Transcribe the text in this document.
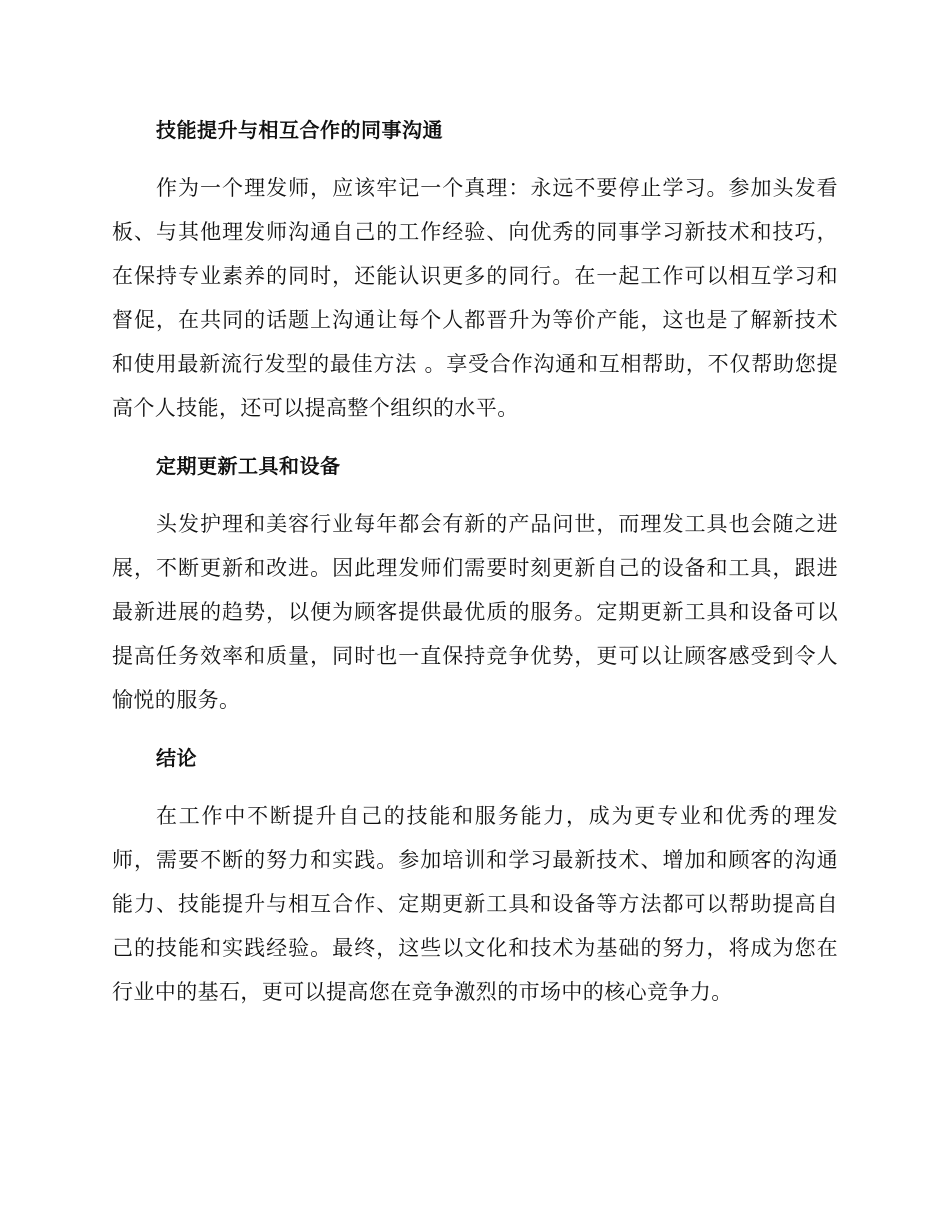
技能提升与相互合作的同事沟通

作为一个理发师，应该牢记一个真理：永远不要停止学习。参加头发看板、与其他理发师沟通自己的工作经验、向优秀的同事学习新技术和技巧，在保持专业素养的同时，还能认识更多的同行。在一起工作可以相互学习和督促，在共同的话题上沟通让每个人都晋升为等价产能，这也是了解新技术和使用最新流行发型的最佳方法 。享受合作沟通和互相帮助，不仅帮助您提高个人技能，还可以提高整个组织的水平。

定期更新工具和设备

头发护理和美容行业每年都会有新的产品问世，而理发工具也会随之进展，不断更新和改进。因此理发师们需要时刻更新自己的设备和工具，跟进最新进展的趋势，以便为顾客提供最优质的服务。定期更新工具和设备可以提高任务效率和质量，同时也一直保持竞争优势，更可以让顾客感受到令人愉悦的服务。

结论

在工作中不断提升自己的技能和服务能力，成为更专业和优秀的理发师，需要不断的努力和实践。参加培训和学习最新技术、增加和顾客的沟通能力、技能提升与相互合作、定期更新工具和设备等方法都可以帮助提高自己的技能和实践经验。最终，这些以文化和技术为基础的努力，将成为您在行业中的基石，更可以提高您在竞争激烈的市场中的核心竞争力。
